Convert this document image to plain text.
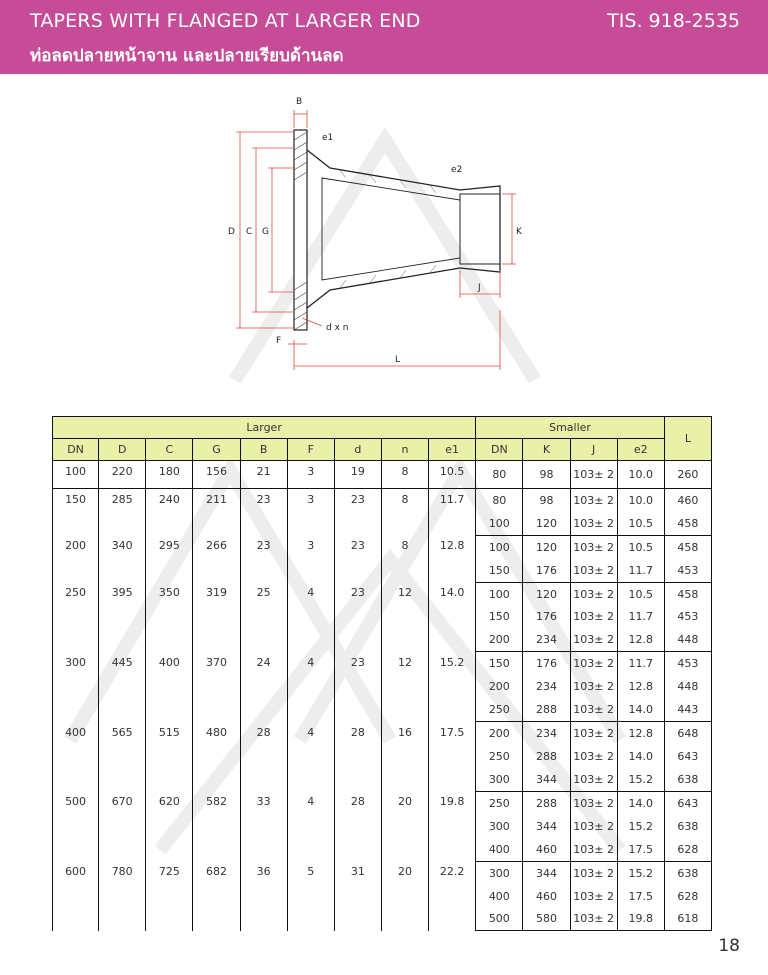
TAPERS WITH FLANGED AT LARGER END	TIS. 918-2535
ท่อลดปลายหน้าจาน และปลายเรียบด้านลด
B
e1
e2
D C G	K
J
F
d x n
L
Larger									Smaller				L
DN	D	C	G	B	F	d	n	e1	DN	K	J	e2	
100	220	180	156	21	3	19	8	10.5	80	98	103± 2	10.0	260
150	285	240	211	23	3	23	8	11.7	80	98	103± 2	10.0	460
									100	120	103± 2	10.5	458
200	340	295	266	23	3	23	8	12.8	100	120	103± 2	10.5	458
									150	176	103± 2	11.7	453
250	395	350	319	25	4	23	12	14.0	100	120	103± 2	10.5	458
									150	176	103± 2	11.7	453
									200	234	103± 2	12.8	448
300	445	400	370	24	4	23	12	15.2	150	176	103± 2	11.7	453
									200	234	103± 2	12.8	448
									250	288	103± 2	14.0	443
400	565	515	480	28	4	28	16	17.5	200	234	103± 2	12.8	648
									250	288	103± 2	14.0	643
									300	344	103± 2	15.2	638
500	670	620	582	33	4	28	20	19.8	250	288	103± 2	14.0	643
									300	344	103± 2	15.2	638
									400	460	103± 2	17.5	628
600	780	725	682	36	5	31	20	22.2	300	344	103± 2	15.2	638
									400	460	103± 2	17.5	628
									500	580	103± 2	19.8	618
18
